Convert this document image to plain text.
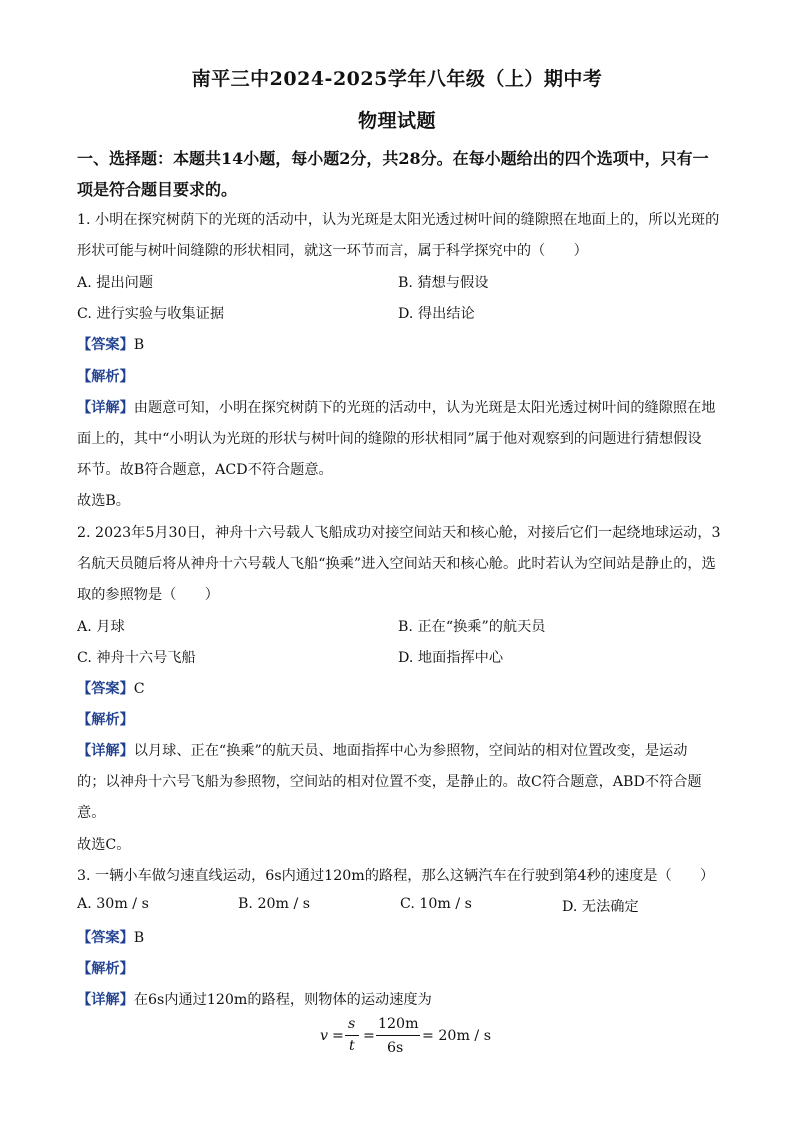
南平三中2024-2025学年八年级（上）期中考
物理试题
一、选择题：本题共14小题，每小题2分，共28分。在每小题给出的四个选项中，只有一
项是符合题目要求的。
1. 小明在探究树荫下的光斑的活动中，认为光斑是太阳光透过树叶间的缝隙照在地面上的，所以光斑的
形状可能与树叶间缝隙的形状相同，就这一环节而言，属于科学探究中的（　　）
A. 提出问题	B. 猜想与假设
C. 进行实验与收集证据	D. 得出结论
【答案】B
【解析】
【详解】由题意可知，小明在探究树荫下的光斑的活动中，认为光斑是太阳光透过树叶间的缝隙照在地
面上的，其中“小明认为光斑的形状与树叶间的缝隙的形状相同”属于他对观察到的问题进行猜想假设
环节。故B符合题意，ACD不符合题意。
故选B。
2. 2023年5月30日，神舟十六号载人飞船成功对接空间站天和核心舱，对接后它们一起绕地球运动，3
名航天员随后将从神舟十六号载人飞船“换乘”进入空间站天和核心舱。此时若认为空间站是静止的，选
取的参照物是（　　）
A. 月球	B. 正在“换乘”的航天员
C. 神舟十六号飞船	D. 地面指挥中心
【答案】C
【解析】
【详解】以月球、正在“换乘”的航天员、地面指挥中心为参照物，空间站的相对位置改变，是运动
的；以神舟十六号飞船为参照物，空间站的相对位置不变，是静止的。故C符合题意，ABD不符合题
意。
故选C。
3. 一辆小车做匀速直线运动，6s内通过120m的路程，那么这辆汽车在行驶到第4秒的速度是（　　）
A. 30m / s	B. 20m / s	C. 10m / s	D. 无法确定
【答案】B
【解析】
【详解】在6s内通过120m的路程，则物体的运动速度为
v =
s
t
=
120m
6s
= 20m / s
